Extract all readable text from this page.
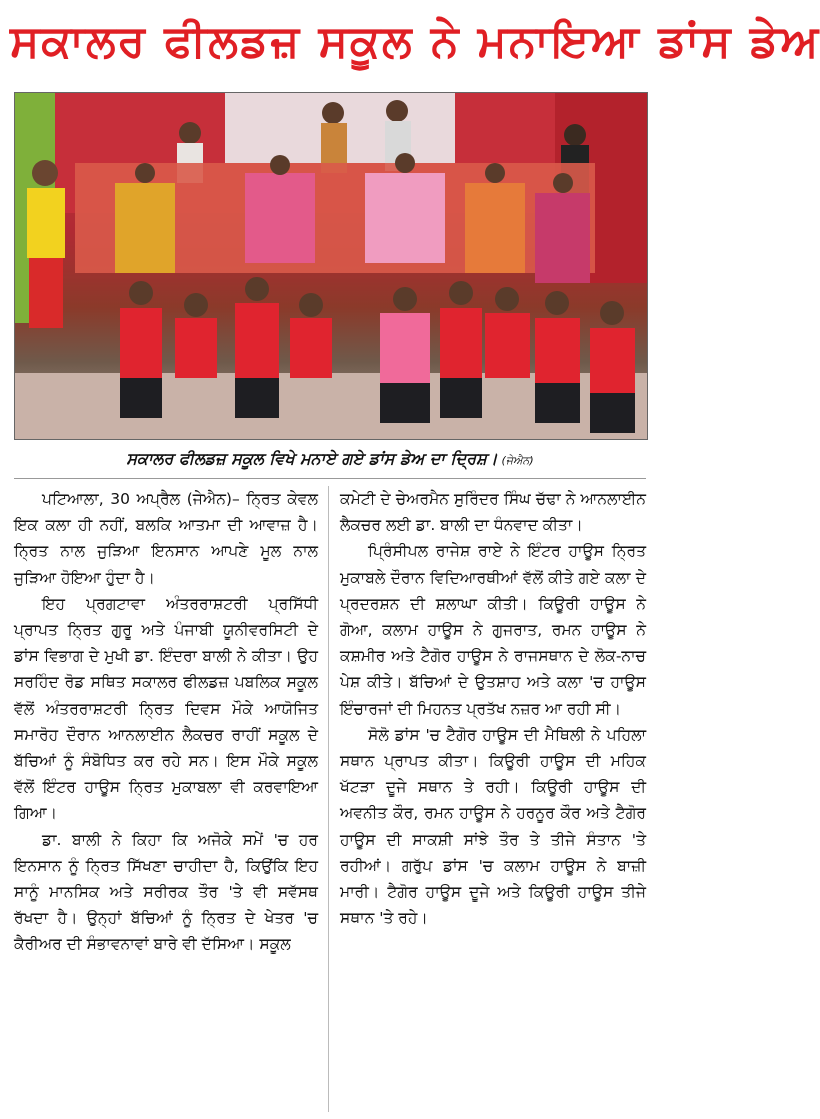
ਸਕਾਲਰ ਫੀਲਡਜ਼ ਸਕੂਲ ਨੇ ਮਨਾਇਆ ਡਾਂਸ ਡੇਅ
ਸਕਾਲਰ ਫੀਲਡਜ਼ ਸਕੂਲ ਵਿਖੇ ਮਨਾਏ ਗਏ ਡਾਂਸ ਡੇਅ ਦਾ ਦ੍ਰਿਸ਼। (ਜੇਐਨ)

ਪਟਿਆਲਾ, 30 ਅਪ੍ਰੈਲ (ਜੇਐਨ)– ਨ੍ਰਿਤ ਕੇਵਲ ਇਕ ਕਲਾ ਹੀ ਨਹੀਂ, ਬਲਕਿ ਆਤਮਾ ਦੀ ਆਵਾਜ਼ ਹੈ। ਨ੍ਰਿਤ ਨਾਲ ਜੁੜਿਆ ਇਨਸਾਨ ਆਪਣੇ ਮੂਲ ਨਾਲ ਜੁੜਿਆ ਹੋਇਆ ਹੁੰਦਾ ਹੈ।

ਇਹ ਪ੍ਰਗਟਾਵਾ ਅੰਤਰਰਾਸ਼ਟਰੀ ਪ੍ਰਸਿੱਧੀ ਪ੍ਰਾਪਤ ਨ੍ਰਿਤ ਗੁਰੂ ਅਤੇ ਪੰਜਾਬੀ ਯੂਨੀਵਰਸਿਟੀ ਦੇ ਡਾਂਸ ਵਿਭਾਗ ਦੇ ਮੁਖੀ ਡਾ. ਇੰਦਰਾ ਬਾਲੀ ਨੇ ਕੀਤਾ। ਉਹ ਸਰਹਿੰਦ ਰੋਡ ਸਥਿਤ ਸਕਾਲਰ ਫੀਲਡਜ਼ ਪਬਲਿਕ ਸਕੂਲ ਵੱਲੋਂ ਅੰਤਰਰਾਸ਼ਟਰੀ ਨ੍ਰਿਤ ਦਿਵਸ ਮੌਕੇ ਆਯੋਜਿਤ ਸਮਾਰੋਹ ਦੌਰਾਨ ਆਨਲਾਈਨ ਲੈਕਚਰ ਰਾਹੀਂ ਸਕੂਲ ਦੇ ਬੱਚਿਆਂ ਨੂੰ ਸੰਬੋਧਿਤ ਕਰ ਰਹੇ ਸਨ। ਇਸ ਮੌਕੇ ਸਕੂਲ ਵੱਲੋਂ ਇੰਟਰ ਹਾਊਸ ਨ੍ਰਿਤ ਮੁਕਾਬਲਾ ਵੀ ਕਰਵਾਇਆ ਗਿਆ।

ਡਾ. ਬਾਲੀ ਨੇ ਕਿਹਾ ਕਿ ਅਜੋਕੇ ਸਮੇਂ 'ਚ ਹਰ ਇਨਸਾਨ ਨੂੰ ਨ੍ਰਿਤ ਸਿੱਖਣਾ ਚਾਹੀਦਾ ਹੈ, ਕਿਉਂਕਿ ਇਹ ਸਾਨੂੰ ਮਾਨਸਿਕ ਅਤੇ ਸਰੀਰਕ ਤੌਰ 'ਤੇ ਵੀ ਸਵੱਸਥ ਰੱਖਦਾ ਹੈ। ਉਨ੍ਹਾਂ ਬੱਚਿਆਂ ਨੂੰ ਨ੍ਰਿਤ ਦੇ ਖੇਤਰ 'ਚ ਕੈਰੀਅਰ ਦੀ ਸੰਭਾਵਨਾਵਾਂ ਬਾਰੇ ਵੀ ਦੱਸਿਆ। ਸਕੂਲ

ਕਮੇਟੀ ਦੇ ਚੇਅਰਮੈਨ ਸੁਰਿੰਦਰ ਸਿੰਘ ਚੱਢਾ ਨੇ ਆਨਲਾਈਨ ਲੈਕਚਰ ਲਈ ਡਾ. ਬਾਲੀ ਦਾ ਧੰਨਵਾਦ ਕੀਤਾ।

ਪ੍ਰਿੰਸੀਪਲ ਰਾਜੇਸ਼ ਰਾਏ ਨੇ ਇੰਟਰ ਹਾਊਸ ਨ੍ਰਿਤ ਮੁਕਾਬਲੇ ਦੌਰਾਨ ਵਿਦਿਆਰਥੀਆਂ ਵੱਲੋਂ ਕੀਤੇ ਗਏ ਕਲਾ ਦੇ ਪ੍ਰਦਰਸ਼ਨ ਦੀ ਸ਼ਲਾਘਾ ਕੀਤੀ। ਕਿਊਰੀ ਹਾਊਸ ਨੇ ਗੋਆ, ਕਲਾਮ ਹਾਊਸ ਨੇ ਗੁਜਰਾਤ, ਰਮਨ ਹਾਊਸ ਨੇ ਕਸ਼ਮੀਰ ਅਤੇ ਟੈਗੋਰ ਹਾਊਸ ਨੇ ਰਾਜਸਥਾਨ ਦੇ ਲੋਕ-ਨਾਚ ਪੇਸ਼ ਕੀਤੇ। ਬੱਚਿਆਂ ਦੇ ਉਤਸ਼ਾਹ ਅਤੇ ਕਲਾ 'ਚ ਹਾਊਸ ਇੰਚਾਰਜਾਂ ਦੀ ਮਿਹਨਤ ਪ੍ਰਤੱਖ ਨਜ਼ਰ ਆ ਰਹੀ ਸੀ।

ਸੋਲੋ ਡਾਂਸ 'ਚ ਟੈਗੋਰ ਹਾਊਸ ਦੀ ਮੈਥਿਲੀ ਨੇ ਪਹਿਲਾ ਸਥਾਨ ਪ੍ਰਾਪਤ ਕੀਤਾ। ਕਿਊਰੀ ਹਾਊਸ ਦੀ ਮਹਿਕ ਖੱਟੜਾ ਦੂਜੇ ਸਥਾਨ ਤੇ ਰਹੀ। ਕਿਊਰੀ ਹਾਊਸ ਦੀ ਅਵਨੀਤ ਕੌਰ, ਰਮਨ ਹਾਊਸ ਨੇ ਹਰਨੂਰ ਕੌਰ ਅਤੇ ਟੈਗੋਰ ਹਾਊਸ ਦੀ ਸਾਕਸ਼ੀ ਸਾਂਝੇ ਤੌਰ ਤੇ ਤੀਜੇ ਸੰਤਾਨ 'ਤੇ ਰਹੀਆਂ। ਗਰੁੱਪ ਡਾਂਸ 'ਚ ਕਲਾਮ ਹਾਊਸ ਨੇ ਬਾਜ਼ੀ ਮਾਰੀ। ਟੈਗੋਰ ਹਾਊਸ ਦੂਜੇ ਅਤੇ ਕਿਊਰੀ ਹਾਊਸ ਤੀਜੇ ਸਥਾਨ 'ਤੇ ਰਹੇ।
